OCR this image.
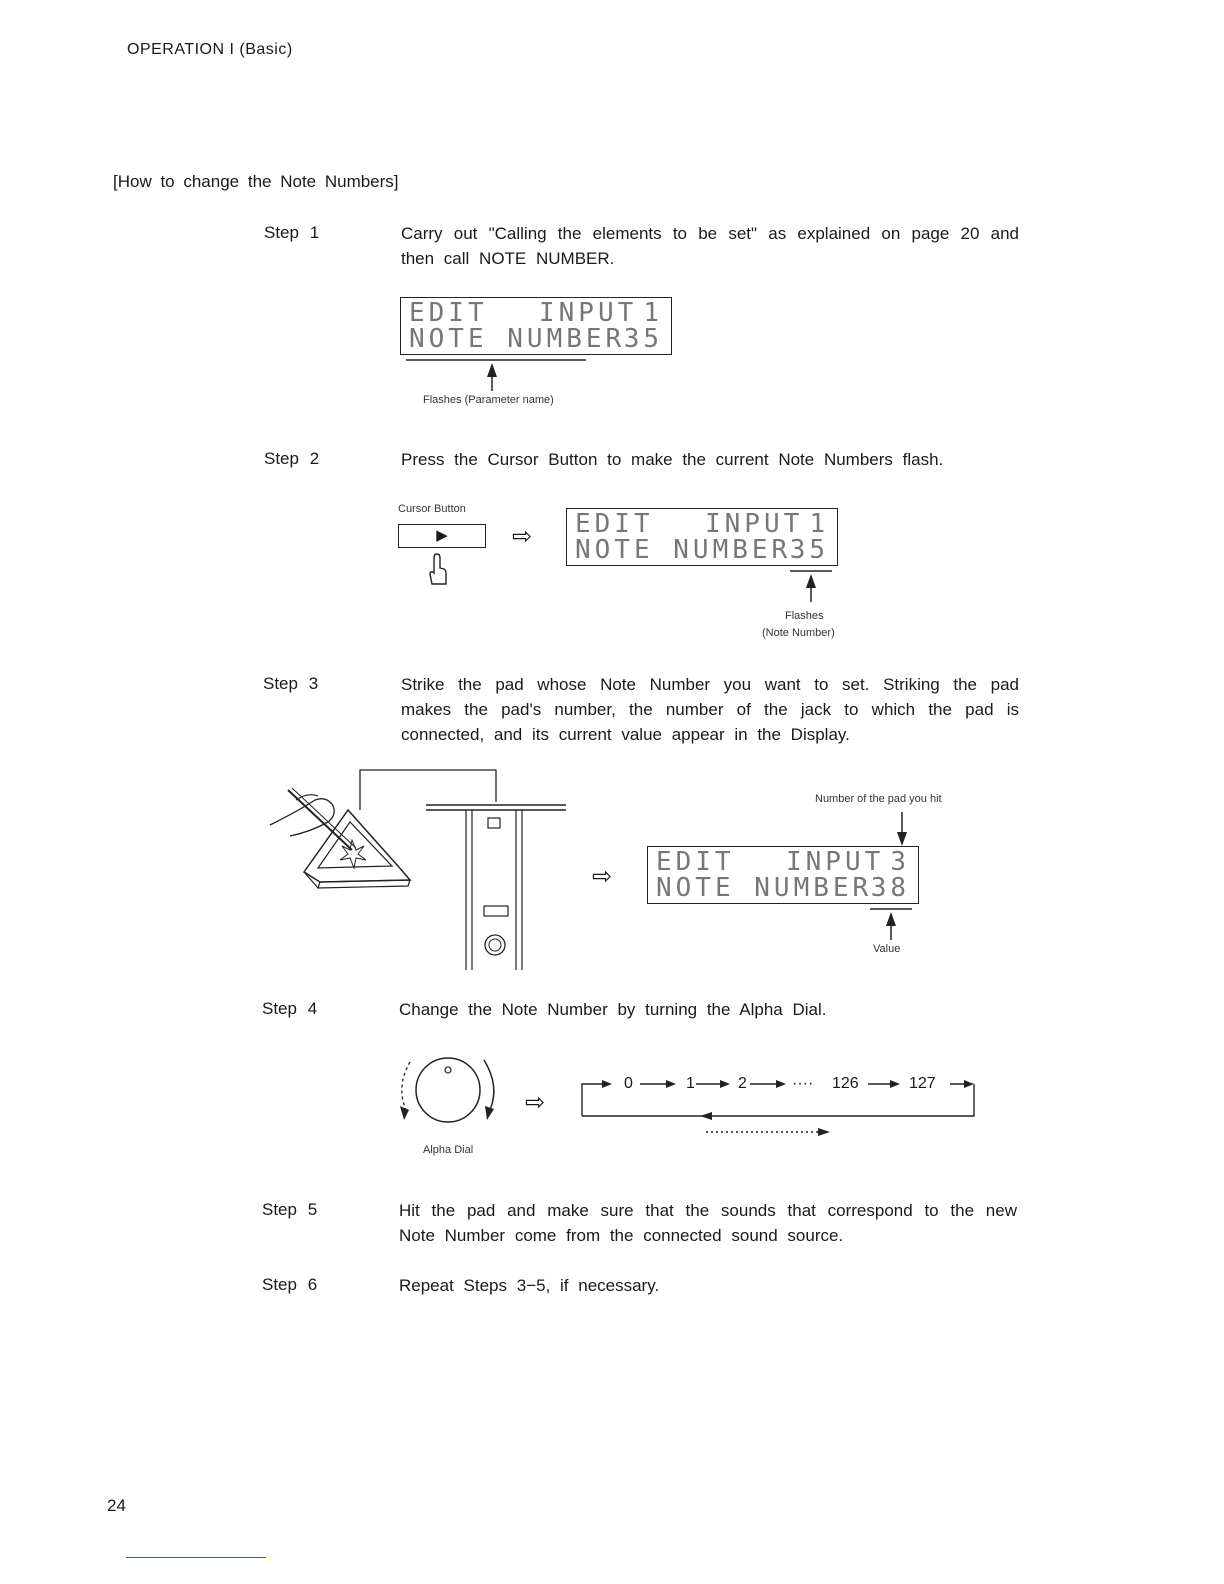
OPERATION I (Basic)
[How to change the Note Numbers]
Step 1	Carry out "Calling the elements to be set" as explained on page 20 and then call NOTE NUMBER.
EDIT INPUT 1
NOTE NUMBER
35
Flashes (Parameter name)
Step 2	Press the Cursor Button to make the current Note Numbers flash.
Cursor Button
▶	⇨ EDIT INPUT 1
NOTE NUMBER
35
Flashes
(Note Number)
Step 3	Strike the pad whose Note Number you want to set. Striking the pad makes the pad's number, the number of the jack to which the pad is connected, and its current value appear in the Display.
⇨
Number of the pad you hit
EDIT INPUT 3
NOTE NUMBER
38
Value
Step 4	Change the Note Number by turning the Alpha Dial.
Alpha Dial
⇨
0	1	2	···· 126	127
Step 5	Hit the pad and make sure that the sounds that correspond to the new Note Number come from the connected sound source.
Step 6	Repeat Steps 3−5, if necessary.
24
